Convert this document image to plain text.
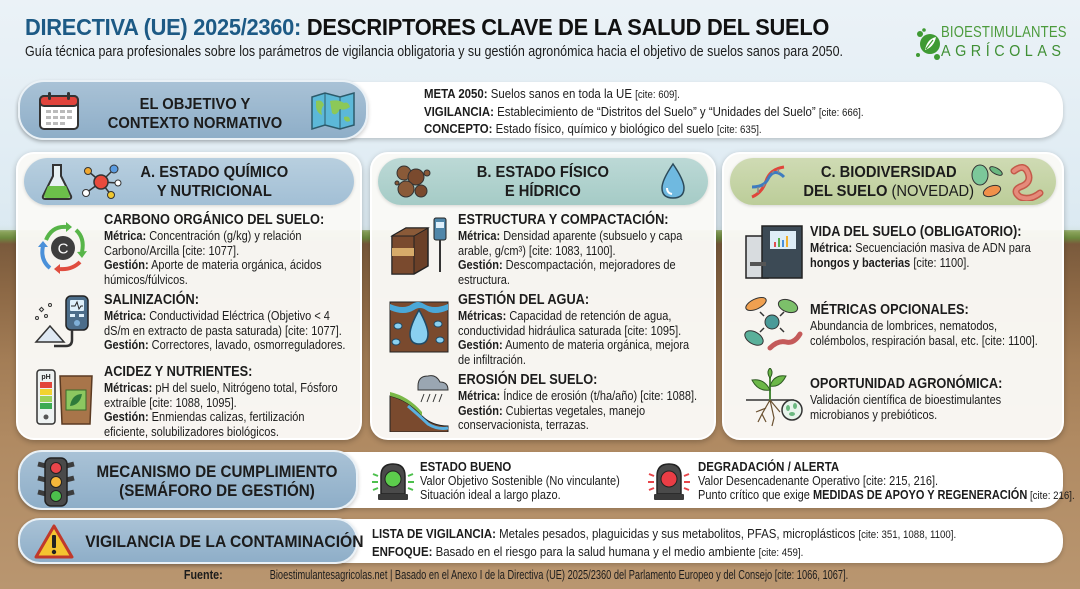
DIRECTIVA (UE) 2025/2360: DESCRIPTORES CLAVE DE LA SALUD DEL SUELO
Guía técnica para profesionales sobre los parámetros de vigilancia obligatoria y su gestión agronómica hacia el objetivo de suelos sanos para 2050.
BIOESTIMULANTES
AGRÍCOLAS
EL OBJETIVO Y
CONTEXTO NORMATIVO
META 2050: Suelos sanos en toda la UE [cite: 609].
VIGILANCIA: Establecimiento de “Distritos del Suelo” y “Unidades del Suelo” [cite: 666].
CONCEPTO: Estado físico, químico y biológico del suelo [cite: 635].
A. ESTADO QUÍMICO
Y NUTRICIONAL
C
CARBONO ORGÁNICO DEL SUELO:
Métrica: Concentración (g/kg) y relación
Carbono/Arcilla [cite: 1077].
Gestión: Aporte de materia orgánica, ácidos
húmicos/fúlvicos.
SALINIZACIÓN:
Métrica: Conductividad Eléctrica (Objetivo < 4
dS/m en extracto de pasta saturada) [cite: 1077].
Gestión: Correctores, lavado, osmorreguladores.
pH	ACIDEZ Y NUTRIENTES:
Métricas: pH del suelo, Nitrógeno total, Fósforo
extraíble [cite: 1088, 1095].
Gestión: Enmiendas calizas, fertilización
eficiente, solubilizadores biológicos.
B. ESTADO FÍSICO
E HÍDRICO
ESTRUCTURA Y COMPACTACIÓN:
Métrica: Densidad aparente (subsuelo y capa
arable, g/cm³) [cite: 1083, 1100].
Gestión: Descompactación, mejoradores de
estructura.
GESTIÓN DEL AGUA:
Métricas: Capacidad de retención de agua,
conductividad hidráulica saturada [cite: 1095].
Gestión: Aumento de materia orgánica, mejora
de infiltración.
EROSIÓN DEL SUELO:
Métrica: Índice de erosión (t/ha/año) [cite: 1088].
Gestión: Cubiertas vegetales, manejo
conservacionista, terrazas.
C. BIODIVERSIDAD
DEL SUELO (NOVEDAD)
VIDA DEL SUELO (OBLIGATORIO):
Métrica: Secuenciación masiva de ADN para
hongos y bacterias [cite: 1100].
MÉTRICAS OPCIONALES:
Abundancia de lombrices, nematodos,
colémbolos, respiración basal, etc. [cite: 1100].
OPORTUNIDAD AGRONÓMICA:
Validación científica de bioestimulantes
microbianos y prebióticos.
MECANISMO DE CUMPLIMIENTO
(SEMÁFORO DE GESTIÓN)
ESTADO BUENO
Valor Objetivo Sostenible (No vinculante)
Situación ideal a largo plazo.
DEGRADACIÓN / ALERTA
Valor Desencadenante Operativo [cite: 215, 216].
Punto crítico que exige MEDIDAS DE APOYO Y REGENERACIÓN [cite: 216].
VIGILANCIA DE LA CONTAMINACIÓN LISTA DE VIGILANCIA: Metales pesados, plaguicidas y sus metabolitos, PFAS, microplásticos [cite: 351, 1088, 1100].
ENFOQUE: Basado en el riesgo para la salud humana y el medio ambiente [cite: 459].
Fuente:	Bioestimulantesagricolas.net | Basado en el Anexo I de la Directiva (UE) 2025/2360 del Parlamento Europeo y del Consejo [cite: 1066, 1067].
